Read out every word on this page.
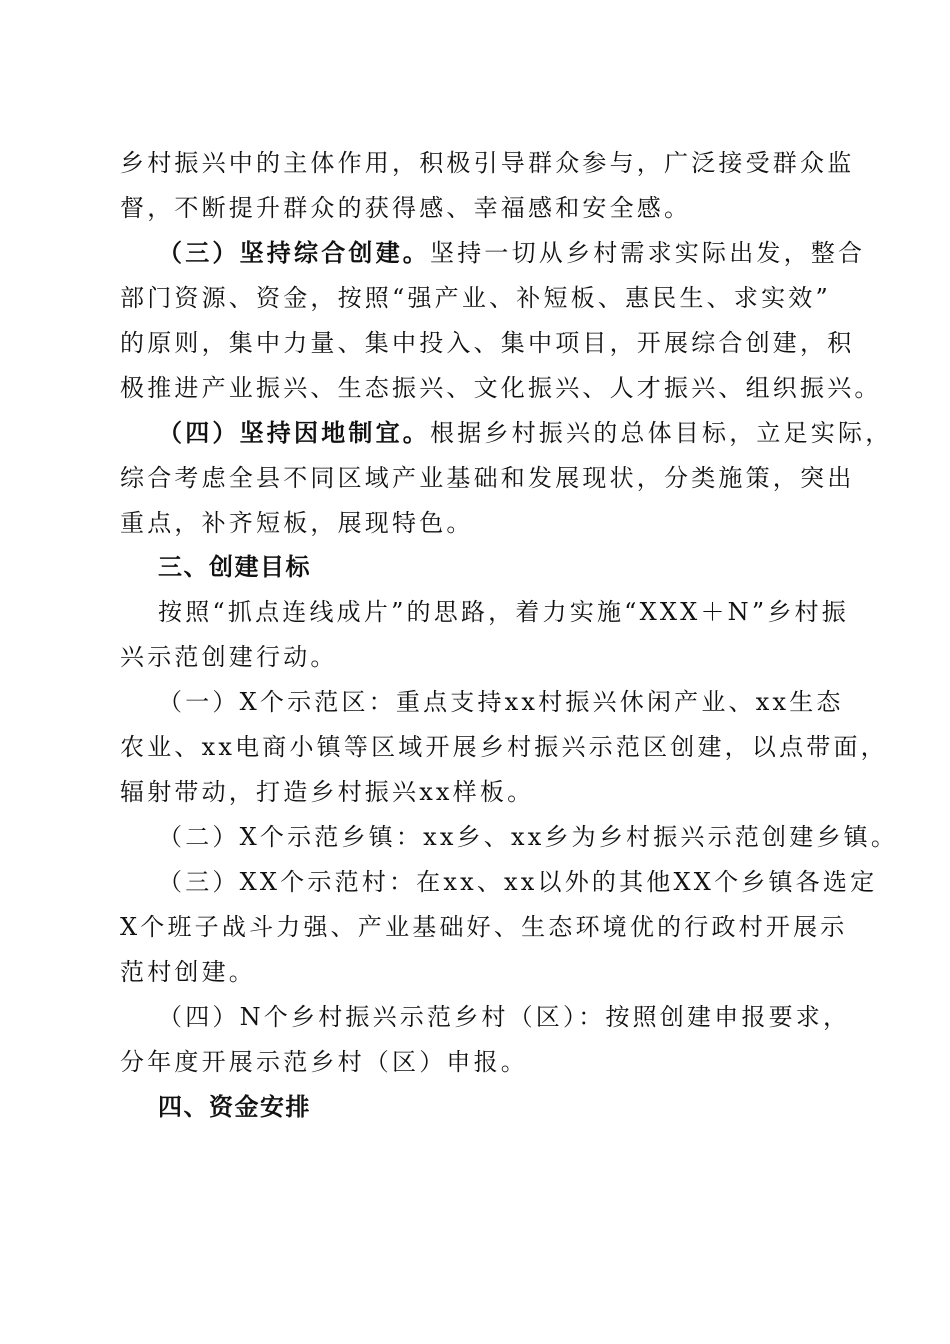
乡村振兴中的主体作用，积极引导群众参与，广泛接受群众监
督，不断提升群众的获得感、幸福感和安全感。
（三）坚持综合创建。坚持一切从乡村需求实际出发，整合
部门资源、资金，按照“强产业、补短板、惠民生、求实效”
的原则，集中力量、集中投入、集中项目，开展综合创建，积
极推进产业振兴、生态振兴、文化振兴、人才振兴、组织振兴。
（四）坚持因地制宜。根据乡村振兴的总体目标，立足实际，
综合考虑全县不同区域产业基础和发展现状，分类施策，突出
重点，补齐短板，展现特色。
三、创建目标
按照“抓点连线成片”的思路，着力实施“XXX＋N”乡村振
兴示范创建行动。
（一）X个示范区：重点支持xx村振兴休闲产业、xx生态
农业、xx电商小镇等区域开展乡村振兴示范区创建，以点带面，
辐射带动，打造乡村振兴xx样板。
（二）X个示范乡镇：xx乡、xx乡为乡村振兴示范创建乡镇。
（三）XX个示范村：在xx、xx以外的其他XX个乡镇各选定
X个班子战斗力强、产业基础好、生态环境优的行政村开展示
范村创建。
（四）N个乡村振兴示范乡村（区）：按照创建申报要求，
分年度开展示范乡村（区）申报。
四、资金安排
